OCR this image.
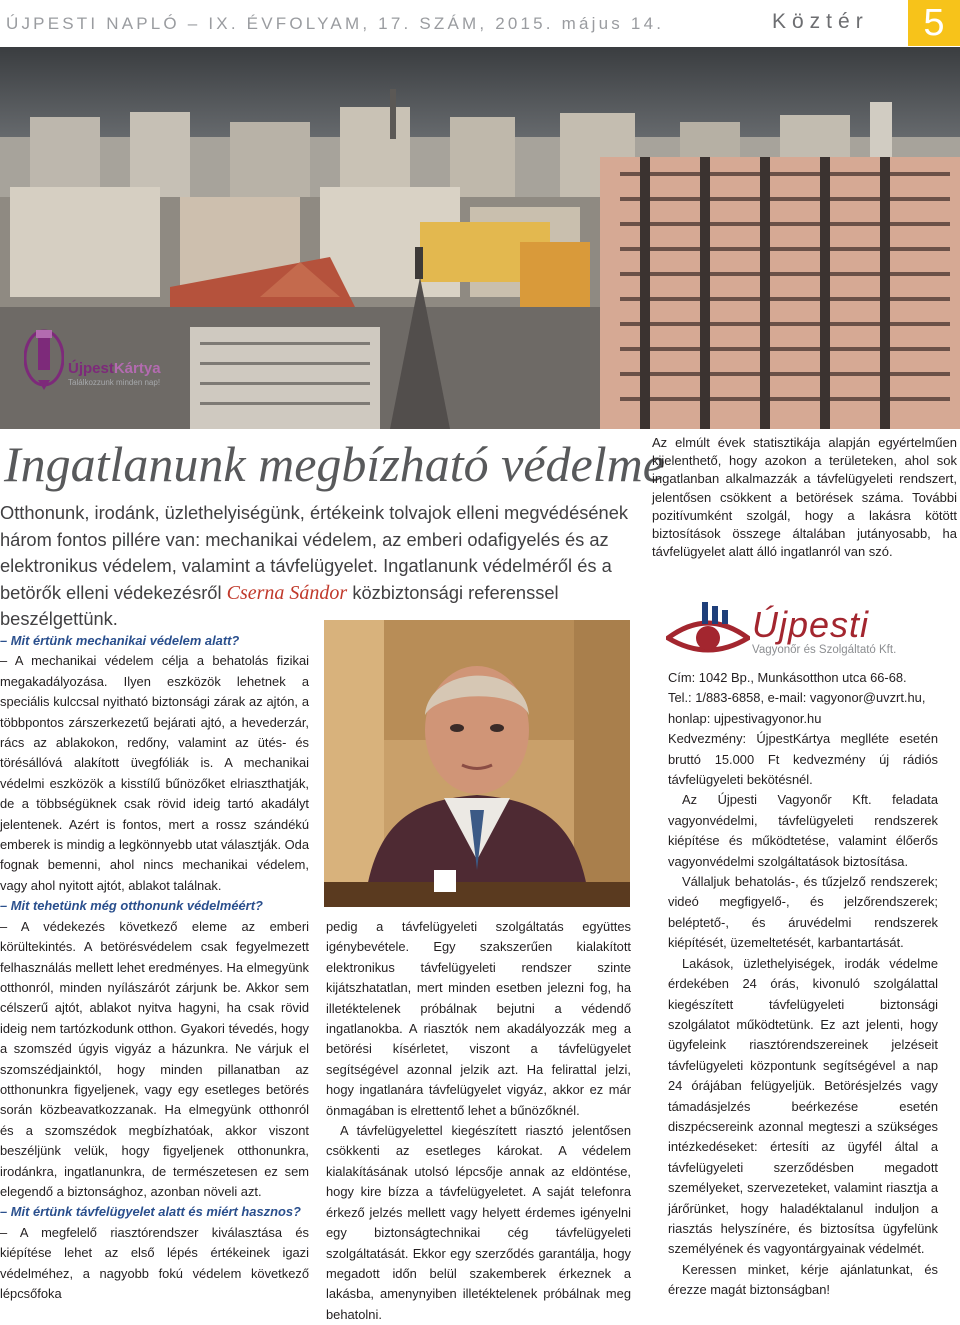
ÚJPESTI NAPLÓ – IX. ÉVFOLYAM, 17. SZÁM, 2015. május 14.	Köztér	5
ÚjpestKártya
Találkozzunk minden nap!
Ingatlanunk megbízható védelme

Otthonunk, irodánk, üzlethelyiségünk, értékeink tolvajok elleni megvédésének három fontos pillére van: mechanikai védelem, az emberi odafigyelés és az elektronikus védelem, valamint a távfelügyelet. Ingatlanunk védelméről és a betörők elleni védekezésről Cserna Sándor közbiztonsági referenssel beszélgettünk.

Az elmúlt évek statisztikája alapján egyértelműen kijelenthető, hogy azokon a területeken, ahol sok ingatlanban alkalmazzák a távfelügyeleti rendszert, jelentősen csökkent a betörések száma. További pozitívumként szolgál, hogy a lakásra kötött biztosítások összege általában jutányosabb, ha távfelügyelet alatt álló ingatlanról van szó.

– Mit értünk mechanikai védelem alatt?

– A mechanikai védelem célja a behatolás fizikai megakadályozása. Ilyen eszközök lehetnek a speciális kulccsal nyitható biztonsági zárak az ajtón, a többpontos zárszerkezetű bejárati ajtó, a hevederzár, rács az ablakokon, redőny, valamint az ütés- és törésállóvá alakított üvegfóliák is. A mechanikai védelmi eszközök a kisstílű bűnözőket elriaszthatják, de a többségüknek csak rövid ideig tartó akadályt jelentenek. Azért is fontos, mert a rossz szándékú emberek is mindig a legkönnyebb utat választják. Oda fognak bemenni, ahol nincs mechanikai védelem, vagy ahol nyitott ajtót, ablakot találnak.

– Mit tehetünk még otthonunk védelméért?

– A védekezés következő eleme az emberi körültekintés. A betörésvédelem csak fegyelmezett felhasználás mellett lehet eredményes. Ha elmegyünk otthonról, minden nyílászárót zárjunk be. Akkor sem célszerű ajtót, ablakot nyitva hagyni, ha csak rövid ideig nem tartózkodunk otthon. Gyakori tévedés, hogy a szomszéd úgyis vigyáz a házunkra. Ne várjuk el szomszédjainktól, hogy minden pillanatban az otthonunkra figyeljenek, vagy egy esetleges betörés során közbeavatkozzanak. Ha elmegyünk otthonról és a szomszédok megbízhatóak, akkor viszont beszéljünk velük, hogy figyeljenek otthonunkra, irodánkra, ingatlanunkra, de természetesen ez sem elegendő a biztonsághoz, azonban növeli azt.

– Mit értünk távfelügyelet alatt és miért hasznos?

– A megfelelő riasztórendszer kiválasztása és kiépítése lehet az első lépés értékeinek igazi védelméhez, a nagyobb fokú védelem következő lépcsőfoka

pedig a távfelügyeleti szolgáltatás együttes igénybevétele. Egy szakszerűen kialakított elektronikus távfelügyeleti rendszer szinte kijátszhatatlan, mert minden esetben jelezni fog, ha illetéktelenek próbálnak bejutni a védendő ingatlanokba. A riasztók nem akadályozzák meg a betörési kísérletet, viszont a távfelügyelet segítségével azonnal jelzik azt. Ha felirattal jelzi, hogy ingatlanára távfelügyelet vigyáz, akkor ez már önmagában is elrettentő lehet a bűnözőknél.

A távfelügyelettel kiegészített riasztó jelentősen csökkenti az esetleges károkat. A védelem kialakításának utolsó lépcsője annak az eldöntése, hogy kire bízza a távfelügyeletet. A saját telefonra érkező jelzés mellett vagy helyett érdemes igényelni egy biztonságtechnikai cég távfelügyeleti szolgáltatását. Ekkor egy szerződés garantálja, hogy megadott időn belül szakemberek érkeznek a lakásba, amenynyiben illetéktelenek próbálnak meg behatolni.

Újpesti
Vagyonőr és Szolgáltató Kft.

Cím: 1042 Bp., Munkásotthon utca 66-68.

Tel.: 1/883-6858, e-mail: vagyonor@uvzrt.hu, honlap: ujpestivagyonor.hu

Kedvezmény: ÚjpestKártya meglléte esetén bruttó 15.000 Ft kedvezmény új rádiós távfelügyeleti bekötésnél.

Az Újpesti Vagyonőr Kft. feladata vagyonvédelmi, távfelügyeleti rendszerek kiépítése és működtetése, valamint élőerős vagyonvédelmi szolgáltatások biztosítása.

Vállaljuk behatolás-, és tűzjelző rendszerek; videó megfigyelő-, és jelzőrendszerek; beléptető-, és áruvédelmi rendszerek kiépítését, üzemeltetését, karbantartását.

Lakások, üzlethelyiségek, irodák védelme érdekében 24 órás, kivonuló szolgálattal kiegészített távfelügyeleti biztonsági szolgálatot működtetünk. Ez azt jelenti, hogy ügyfeleink riasztórendszereinek jelzéseit távfelügyeleti központunk segítségével a nap 24 órájában felügyeljük. Betörésjelzés vagy támadásjelzés beérkezése esetén diszpécsereink azonnal megteszi a szükséges intézkedéseket: értesíti az ügyfél által a távfelügyeleti szerződésben megadott személyeket, szervezeteket, valamint riasztja a járőrünket, hogy haladéktalanul induljon a riasztás helyszínére, és biztosítsa ügyfelünk személyének és vagyontárgyainak védelmét.

Keressen minket, kérje ajánlatunkat, és érezze magát biztonságban!
